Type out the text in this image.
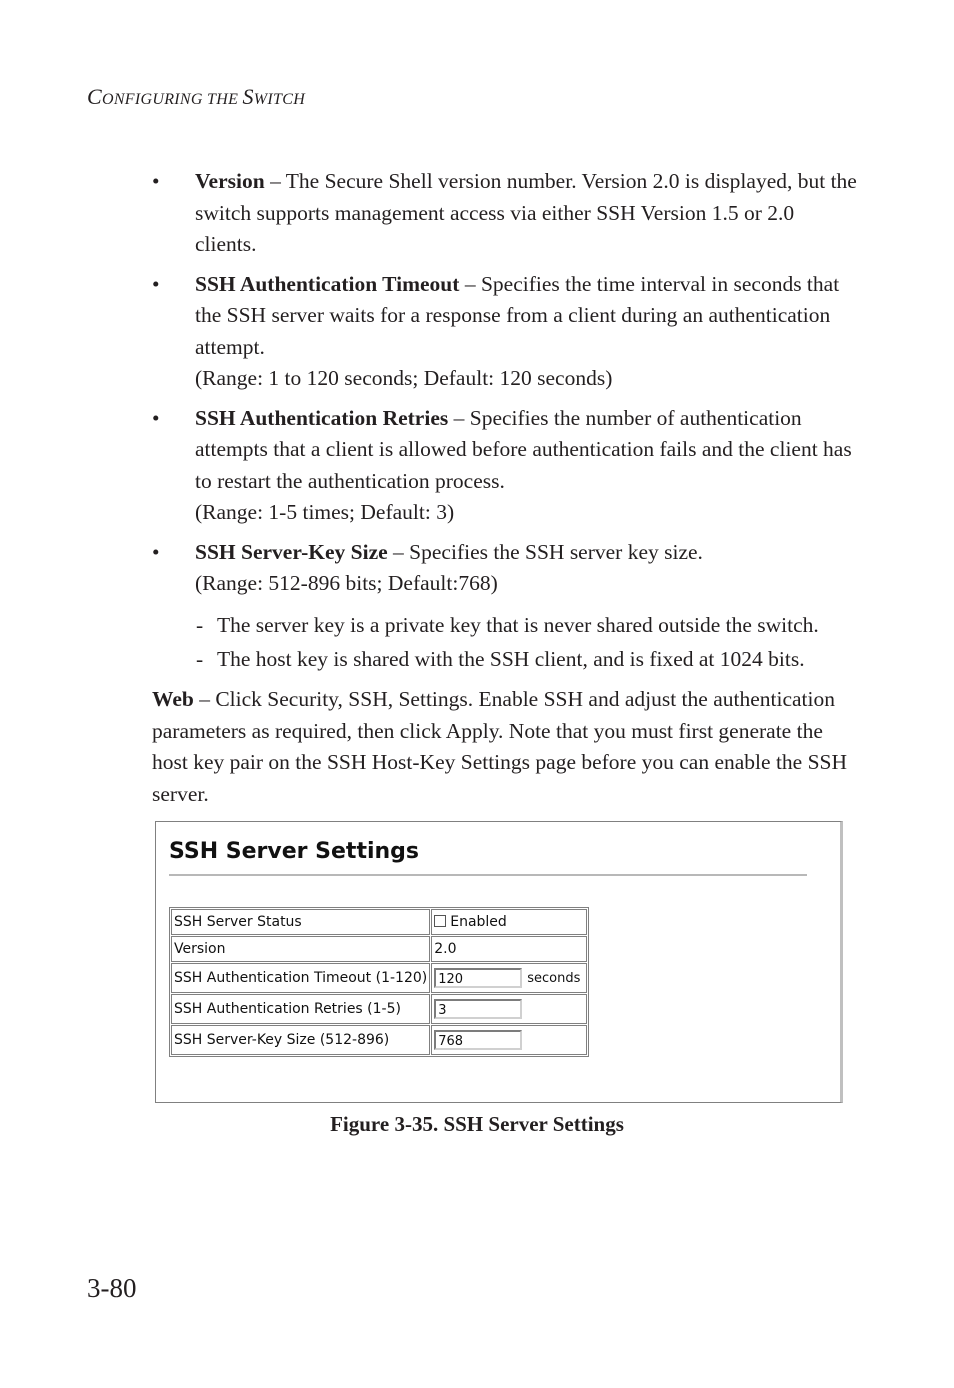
CONFIGURING THE SWITCH
• Version – The Secure Shell version number. Version 2.0 is displayed, but the switch supports management access via either SSH Version 1.5 or 2.0 clients.
• SSH Authentication Timeout – Specifies the time interval in seconds that the SSH server waits for a response from a client during an authentication attempt.
(Range: 1 to 120 seconds; Default: 120 seconds)
• SSH Authentication Retries – Specifies the number of authentication attempts that a client is allowed before authentication fails and the client has to restart the authentication process.
(Range: 1-5 times; Default: 3)
• SSH Server-Key Size – Specifies the SSH server key size.
(Range: 512-896 bits; Default:768)
- The server key is a private key that is never shared outside the switch.
- The host key is shared with the SSH client, and is fixed at 1024 bits.
Web – Click Security, SSH, Settings. Enable SSH and adjust the authentication parameters as required, then click Apply. Note that you must first generate the host key pair on the SSH Host-Key Settings page before you can enable the SSH server.
SSH Server Settings
SSH Server Status	Enabled
Version	2.0
SSH Authentication Timeout (1-120)	120 seconds
SSH Authentication Retries (1-5)	3
SSH Server-Key Size (512-896)	768
Figure 3-35. SSH Server Settings
3-80
